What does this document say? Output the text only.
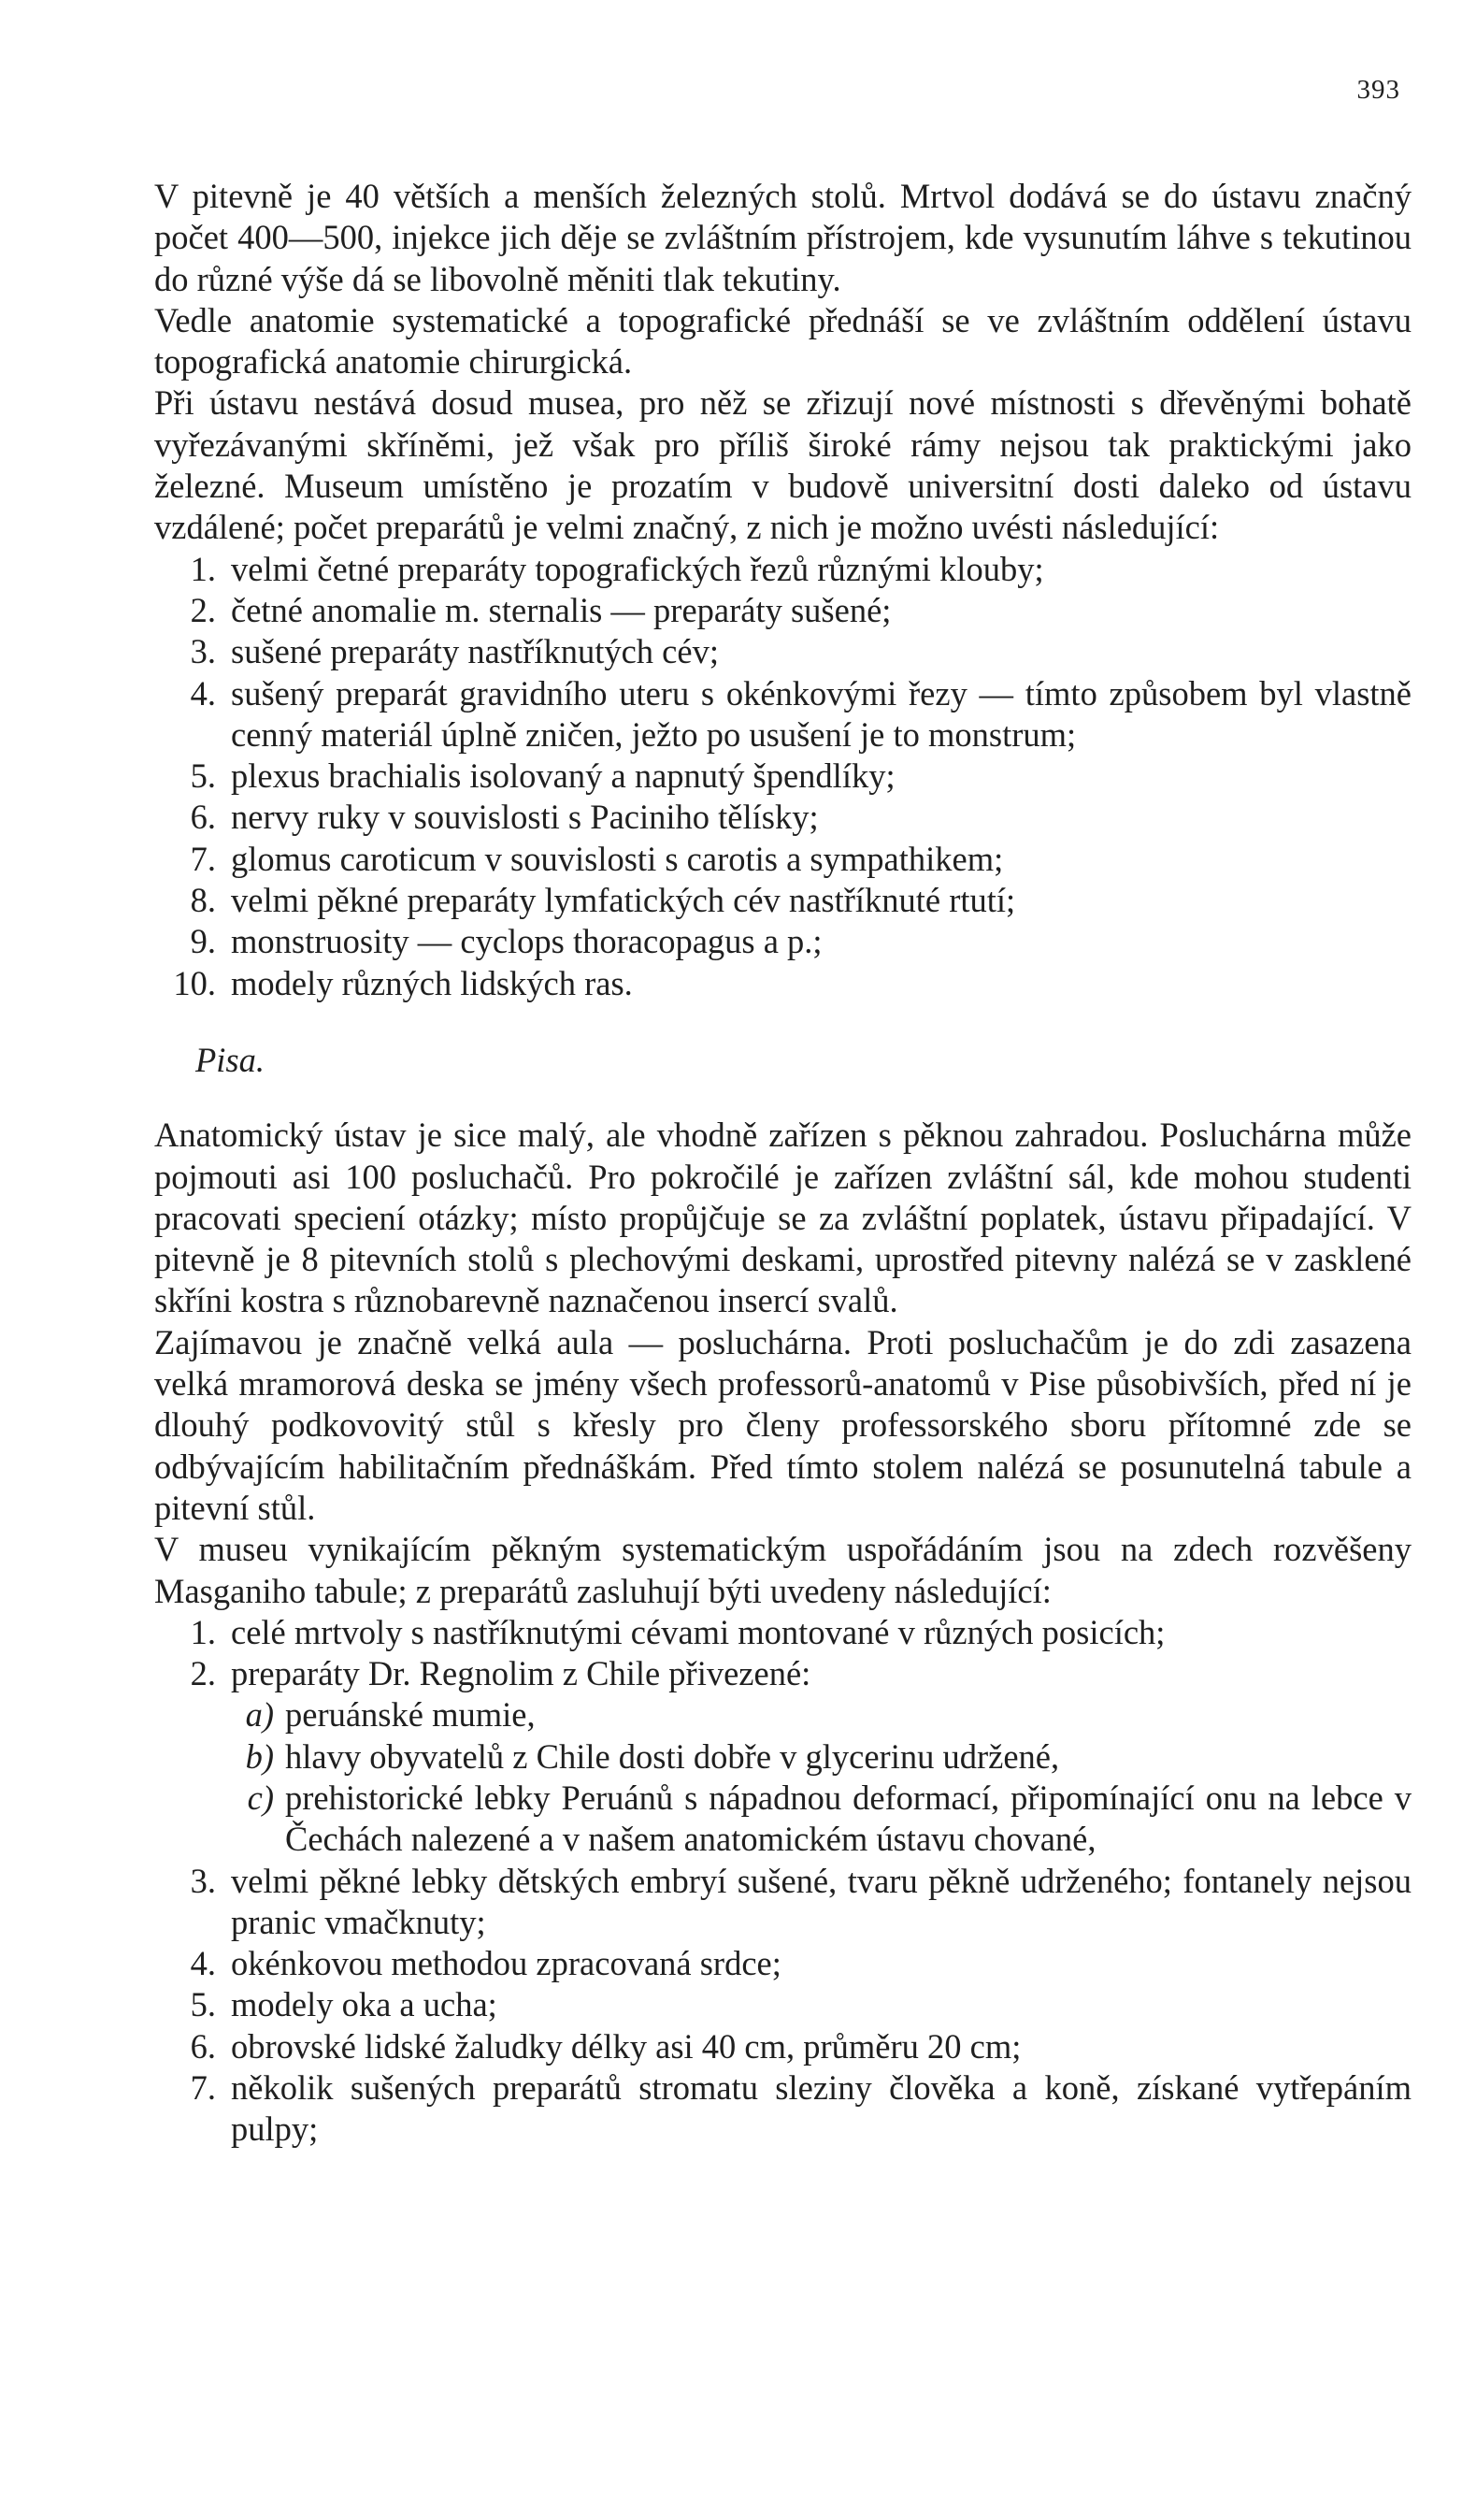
393

V pitevně je 40 větších a menších železných stolů. Mrtvol dodává se do ústavu značný počet 400—500, injekce jich děje se zvláštním přístrojem, kde vysunutím láhve s tekutinou do různé výše dá se libovolně měniti tlak tekutiny.

Vedle anatomie systematické a topografické přednáší se ve zvláštním oddělení ústavu topografická anatomie chirurgická.

Při ústavu nestává dosud musea, pro něž se zřizují nové místnosti s dřevěnými bohatě vyřezávanými skříněmi, jež však pro příliš široké rámy nejsou tak praktickými jako železné. Museum umístěno je prozatím v budově universitní dosti daleko od ústavu vzdálené; počet preparátů je velmi značný, z nich je možno uvésti následující:

1. velmi četné preparáty topografických řezů různými klouby;
2. četné anomalie m. sternalis — preparáty sušené;
3. sušené preparáty nastříknutých cév;
4. sušený preparát gravidního uteru s okénkovými řezy — tímto způsobem byl vlastně cenný materiál úplně zničen, ježto po usušení je to monstrum;
5. plexus brachialis isolovaný a napnutý špendlíky;
6. nervy ruky v souvislosti s Paciniho tělísky;
7. glomus caroticum v souvislosti s carotis a sympathikem;
8. velmi pěkné preparáty lymfatických cév nastříknuté rtutí;
9. monstruosity — cyclops thoracopagus a p.;
10. modely různých lidských ras.
Pisa.

Anatomický ústav je sice malý, ale vhodně zařízen s pěknou zahradou. Posluchárna může pojmouti asi 100 posluchačů. Pro pokročilé je zařízen zvláštní sál, kde mohou studenti pracovati speciení otázky; místo propůjčuje se za zvláštní poplatek, ústavu připadající. V pitevně je 8 pitevních stolů s plechovými deskami, uprostřed pitevny nalézá se v zasklené skříni kostra s různobarevně naznačenou insercí svalů.

Zajímavou je značně velká aula — posluchárna. Proti posluchačům je do zdi zasazena velká mramorová deska se jmény všech professorů-anatomů v Pise působivších, před ní je dlouhý podkovovitý stůl s křesly pro členy professorského sboru přítomné zde se odbývajícím habilitačním přednáškám. Před tímto stolem nalézá se posunutelná tabule a pitevní stůl.

V museu vynikajícím pěkným systematickým uspořádáním jsou na zdech rozvěšeny Masganiho tabule; z preparátů zasluhují býti uvedeny následující:

1. celé mrtvoly s nastříknutými cévami montované v různých posicích;
2. preparáty Dr. Regnolim z Chile přivezené:
a) peruánské mumie,
b) hlavy obyvatelů z Chile dosti dobře v glycerinu udržené,
c) prehistorické lebky Peruánů s nápadnou deformací, připomínající onu na lebce v Čechách nalezené a v našem anatomickém ústavu chované,
3. velmi pěkné lebky dětských embryí sušené, tvaru pěkně udrženého; fontanely nejsou pranic vmačknuty;
4. okénkovou methodou zpracovaná srdce;
5. modely oka a ucha;
6. obrovské lidské žaludky délky asi 40 cm, průměru 20 cm;
7. několik sušených preparátů stromatu sleziny člověka a koně, získané vytřepáním pulpy;
